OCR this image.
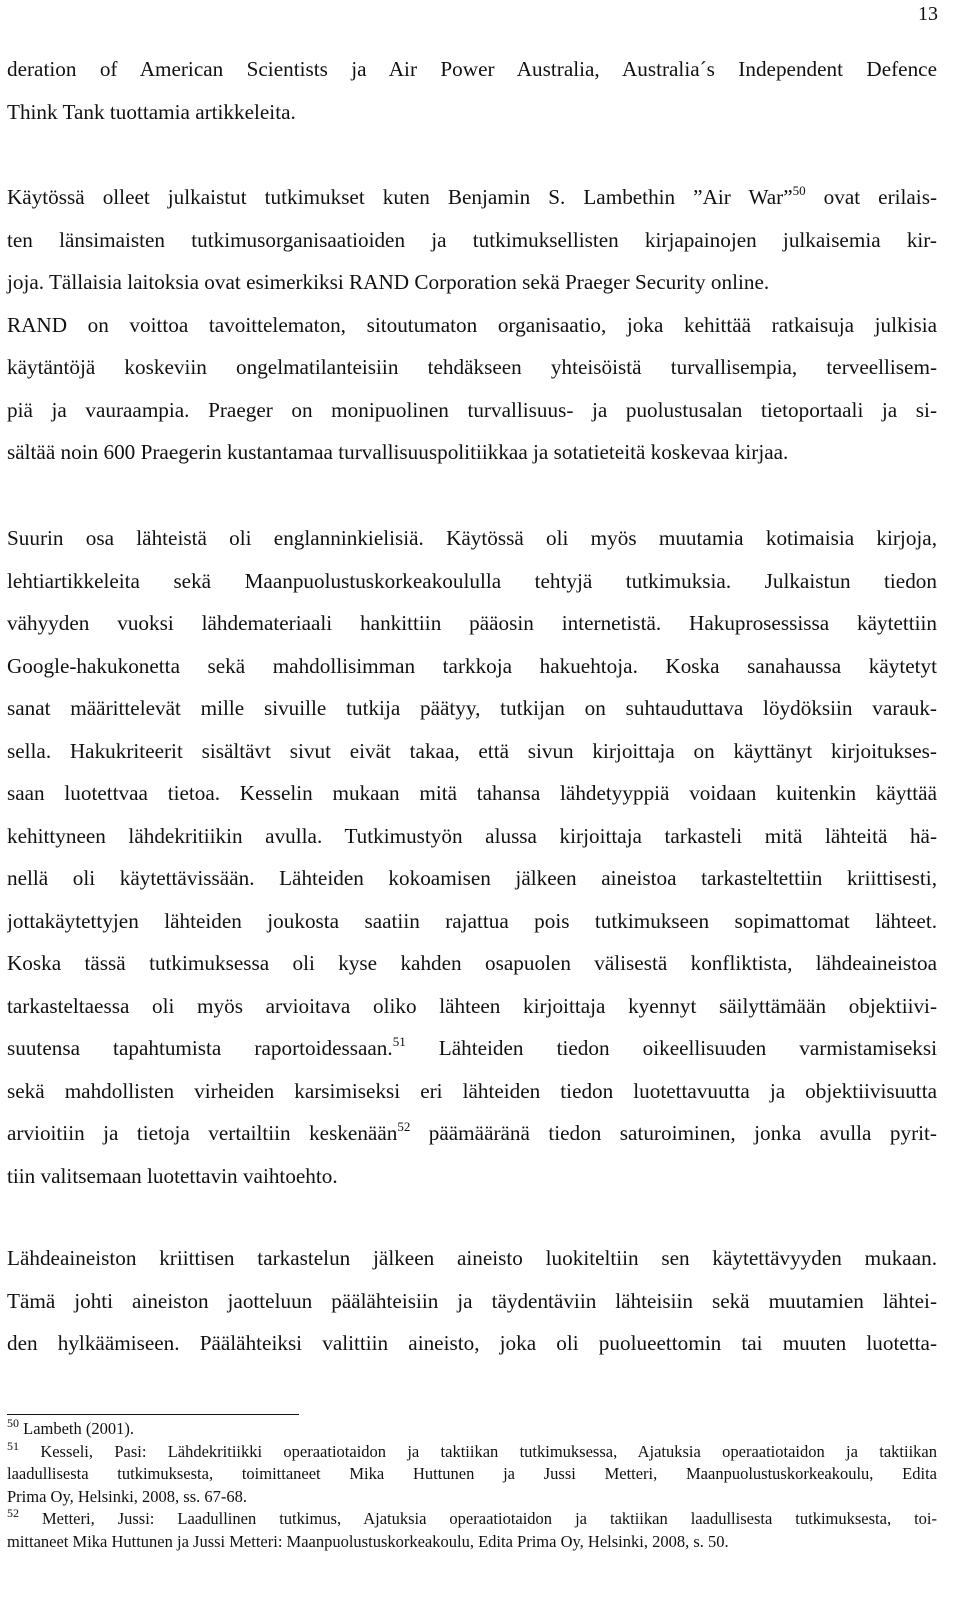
13

deration of American Scientists ja Air Power Australia, Australia´s Independent Defence
Think Tank tuottamia artikkeleita.

Käytössä olleet julkaistut tutkimukset kuten Benjamin S. Lambethin ”Air War”$^{50}$ ovat erilais-
ten länsimaisten tutkimusorganisaatioiden ja tutkimuksellisten kirjapainojen julkaisemia kir-
joja. Tällaisia laitoksia ovat esimerkiksi RAND Corporation sekä Praeger Security online.
RAND on voittoa tavoittelematon, sitoutumaton organisaatio, joka kehittää ratkaisuja julkisia
käytäntöjä koskeviin ongelmatilanteisiin tehdäkseen yhteisöistä turvallisempia, terveellisem-
piä ja vauraampia. Praeger on monipuolinen turvallisuus- ja puolustusalan tietoportaali ja si-
sältää noin 600 Praegerin kustantamaa turvallisuuspolitiikkaa ja sotatieteitä koskevaa kirjaa.

Suurin osa lähteistä oli englanninkielisiä. Käytössä oli myös muutamia kotimaisia kirjoja,
lehtiartikkeleita sekä Maanpuolustuskorkeakoululla tehtyjä tutkimuksia. Julkaistun tiedon
vähyyden vuoksi lähdemateriaali hankittiin pääosin internetistä. Hakuprosessissa käytettiin
Google-hakukonetta sekä mahdollisimman tarkkoja hakuehtoja. Koska sanahaussa käytetyt
sanat määrittelevät mille sivuille tutkija päätyy, tutkijan on suhtauduttava löydöksiin varauk-
sella. Hakukriteerit sisältävt sivut eivät takaa, että sivun kirjoittaja on käyttänyt kirjoitukses-
saan luotettvaa tietoa. Kesselin mukaan mitä tahansa lähdetyyppiä voidaan kuitenkin käyttää
kehittyneen lähdekritiikin avulla. Tutkimustyön alussa kirjoittaja tarkasteli mitä lähteitä hä-
nellä oli käytettävissään. Lähteiden kokoamisen jälkeen aineistoa tarkasteltettiin kriittisesti,
jottakäytettyjen lähteiden joukosta saatiin rajattua pois tutkimukseen sopimattomat lähteet.
Koska tässä tutkimuksessa oli kyse kahden osapuolen välisestä konfliktista, lähdeaineistoa
tarkasteltaessa oli myös arvioitava oliko lähteen kirjoittaja kyennyt säilyttämään objektiivi-
suutensa tapahtumista raportoidessaan.$^{51}$ Lähteiden tiedon oikeellisuuden varmistamiseksi
sekä mahdollisten virheiden karsimiseksi eri lähteiden tiedon luotettavuutta ja objektiivisuutta
arvioitiin ja tietoja vertailtiin keskenään$^{52}$ päämääränä tiedon saturoiminen, jonka avulla pyrit-
tiin valitsemaan luotettavin vaihtoehto.

Lähdeaineiston kriittisen tarkastelun jälkeen aineisto luokiteltiin sen käytettävyyden mukaan.
Tämä johti aineiston jaotteluun päälähteisiin ja täydentäviin lähteisiin sekä muutamien lähtei-
den hylkäämiseen. Päälähteiksi valittiin aineisto, joka oli puolueettomin tai muuten luotetta-

$^{50}$ Lambeth (2001).
$^{51}$ Kesseli, Pasi: Lähdekritiikki operaatiotaidon ja taktiikan tutkimuksessa, Ajatuksia operaatiotaidon ja taktiikan
laadullisesta tutkimuksesta, toimittaneet Mika Huttunen ja Jussi Metteri, Maanpuolustuskorkeakoulu, Edita
Prima Oy, Helsinki, 2008, ss. 67-68.
$^{52}$ Metteri, Jussi: Laadullinen tutkimus, Ajatuksia operaatiotaidon ja taktiikan laadullisesta tutkimuksesta, toi-
mittaneet Mika Huttunen ja Jussi Metteri: Maanpuolustuskorkeakoulu, Edita Prima Oy, Helsinki, 2008, s. 50.
